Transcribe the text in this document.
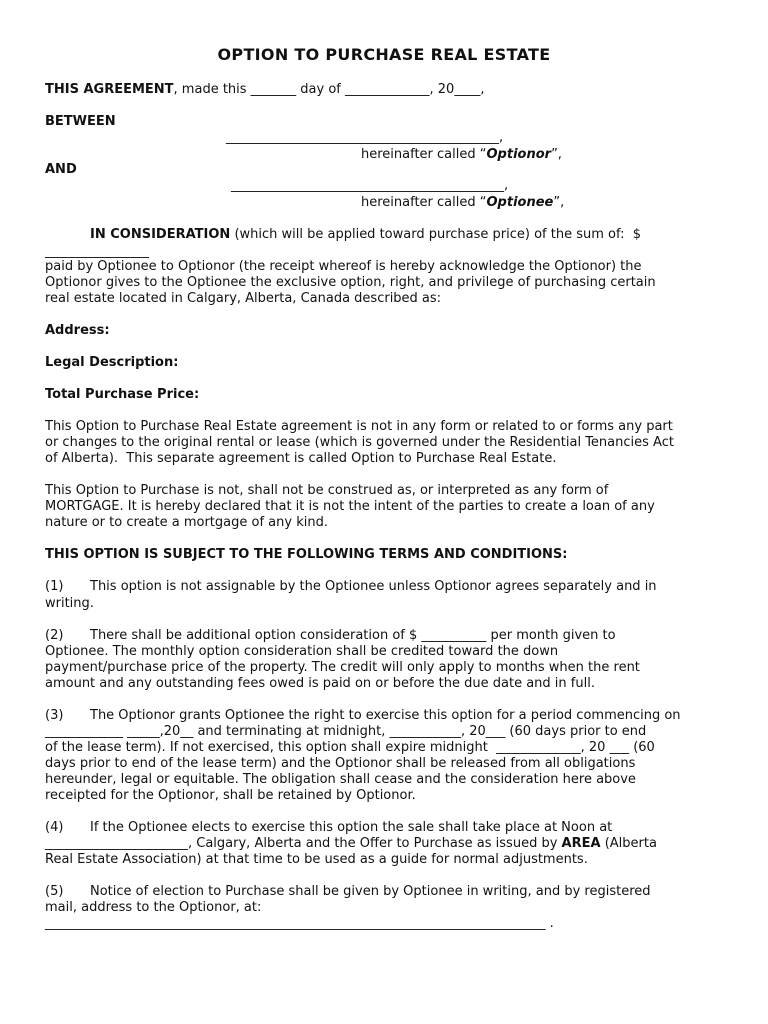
OPTION TO PURCHASE REAL ESTATE
THIS AGREEMENT, made this _______ day of _____________, 20____,
BETWEEN
__________________________________________,
hereinafter called “Optionor”,
AND
__________________________________________,
hereinafter called “Optionee”,
IN CONSIDERATION (which will be applied toward purchase price) of the sum of:  $
________________
paid by Optionee to Optionor (the receipt whereof is hereby acknowledge the Optionor) the
Optionor gives to the Optionee the exclusive option, right, and privilege of purchasing certain
real estate located in Calgary, Alberta, Canada described as:
Address:
Legal Description:
Total Purchase Price:
This Option to Purchase Real Estate agreement is not in any form or related to or forms any part
or changes to the original rental or lease (which is governed under the Residential Tenancies Act
of Alberta).  This separate agreement is called Option to Purchase Real Estate.
This Option to Purchase is not, shall not be construed as, or interpreted as any form of
MORTGAGE. It is hereby declared that it is not the intent of the parties to create a loan of any
nature or to create a mortgage of any kind.
THIS OPTION IS SUBJECT TO THE FOLLOWING TERMS AND CONDITIONS:
(1) This option is not assignable by the Optionee unless Optionor agrees separately and in
writing.
(2) There shall be additional option consideration of $ __________ per month given to
Optionee. The monthly option consideration shall be credited toward the down
payment/purchase price of the property. The credit will only apply to months when the rent
amount and any outstanding fees owed is paid on or before the due date and in full.
(3) The Optionor grants Optionee the right to exercise this option for a period commencing on
____________ _____,20__ and terminating at midnight, ___________, 20___ (60 days prior to end
of the lease term). If not exercised, this option shall expire midnight  _____________, 20 ___ (60
days prior to end of the lease term) and the Optionor shall be released from all obligations
hereunder, legal or equitable. The obligation shall cease and the consideration here above
receipted for the Optionor, shall be retained by Optionor.
(4) If the Optionee elects to exercise this option the sale shall take place at Noon at
______________________, Calgary, Alberta and the Offer to Purchase as issued by AREA (Alberta
Real Estate Association) at that time to be used as a guide for normal adjustments.
(5) Notice of election to Purchase shall be given by Optionee in writing, and by registered
mail, address to the Optionor, at:
_____________________________________________________________________________ .
